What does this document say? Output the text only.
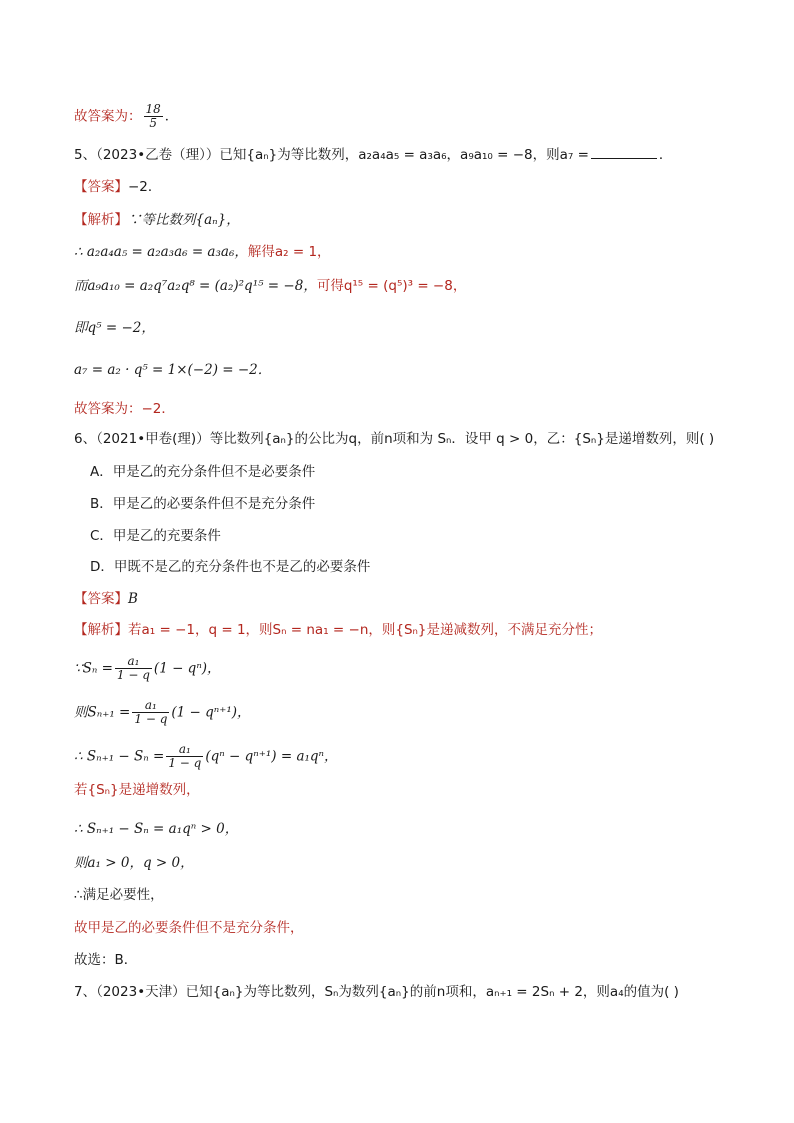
故答案为： $\frac{18}{5}$ ．
5、（2023•乙卷（理））已知{aₙ}为等比数列，a₂a₄a₅ = a₃a₆，a₉a₁₀ = −8，则a₇ =	．
【答案】−2．
【解析】∵等比数列{aₙ}，
∴ a₂a₄a₅ = a₂a₃a₆ = a₃a₆，解得a₂ = 1，
而a₉a₁₀ = a₂q⁷a₂q⁸ = (a₂)²q¹⁵ = −8，可得q¹⁵ = (q⁵)³ = −8，
即q⁵ = −2，
a₇ = a₂ · q⁵ = 1×(−2) = −2．
故答案为：−2．
6、（2021•甲卷(理)）等比数列{aₙ}的公比为q，前n项和为 Sₙ．设甲 q > 0，乙：{Sₙ}是递增数列，则( )
A．甲是乙的充分条件但不是必要条件
B．甲是乙的必要条件但不是充分条件
C．甲是乙的充要条件
D．甲既不是乙的充分条件也不是乙的必要条件
【答案】B
【解析】若a₁ = −1，q = 1，则Sₙ = na₁ = −n，则{Sₙ}是递减数列，不满足充分性；
∵Sₙ = $\frac{\text{a₁}}{1 - q} (1 - q^n)$，
则$S_{n+1} = \frac{\text{a₁}}{1 - q} (1 - q^{n+1})$，
∴ $S_{n+1} - S_n = \frac{\text{a₁}}{1 - q} (q^n - q^{n+1}) = a_1q^n$，
若{Sₙ}是递增数列，
∴ Sₙ₊₁ − Sₙ = a₁qⁿ > 0，
则a₁ > 0，q > 0，
∴满足必要性，
故甲是乙的必要条件但不是充分条件，
故选：B．
7、（2023•天津）已知{aₙ}为等比数列，Sₙ为数列{aₙ}的前n项和，aₙ₊₁ = 2Sₙ + 2，则a₄的值为( )
